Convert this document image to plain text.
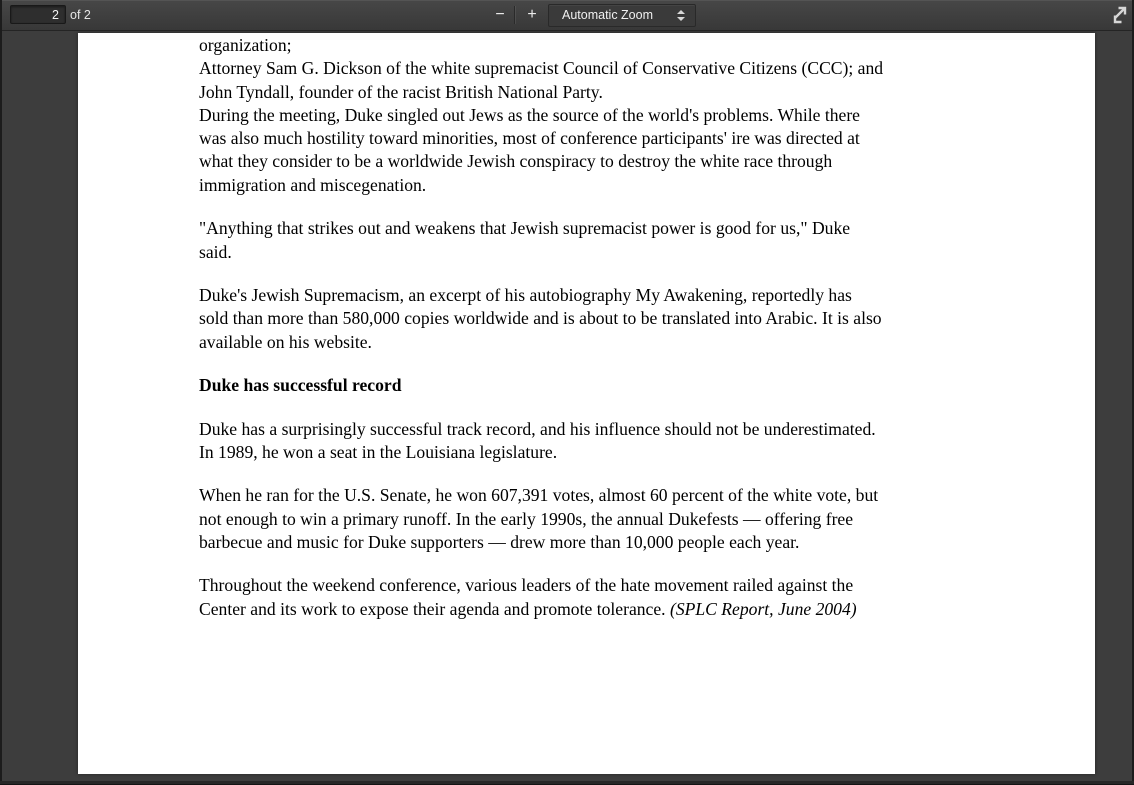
2
of 2	−	+	Automatic Zoom
organization;
Attorney Sam G. Dickson of the white supremacist Council of Conservative Citizens (CCC); and
John Tyndall, founder of the racist British National Party.
During the meeting, Duke singled out Jews as the source of the world's problems. While there
was also much hostility toward minorities, most of conference participants' ire was directed at
what they consider to be a worldwide Jewish conspiracy to destroy the white race through
immigration and miscegenation.
"Anything that strikes out and weakens that Jewish supremacist power is good for us," Duke
said.
Duke's Jewish Supremacism, an excerpt of his autobiography My Awakening, reportedly has
sold than more than 580,000 copies worldwide and is about to be translated into Arabic. It is also
available on his website.
Duke has successful record
Duke has a surprisingly successful track record, and his influence should not be underestimated.
In 1989, he won a seat in the Louisiana legislature.
When he ran for the U.S. Senate, he won 607,391 votes, almost 60 percent of the white vote, but
not enough to win a primary runoff. In the early 1990s, the annual Dukefests — offering free
barbecue and music for Duke supporters — drew more than 10,000 people each year.
Throughout the weekend conference, various leaders of the hate movement railed against the
Center and its work to expose their agenda and promote tolerance. (SPLC Report, June 2004)
